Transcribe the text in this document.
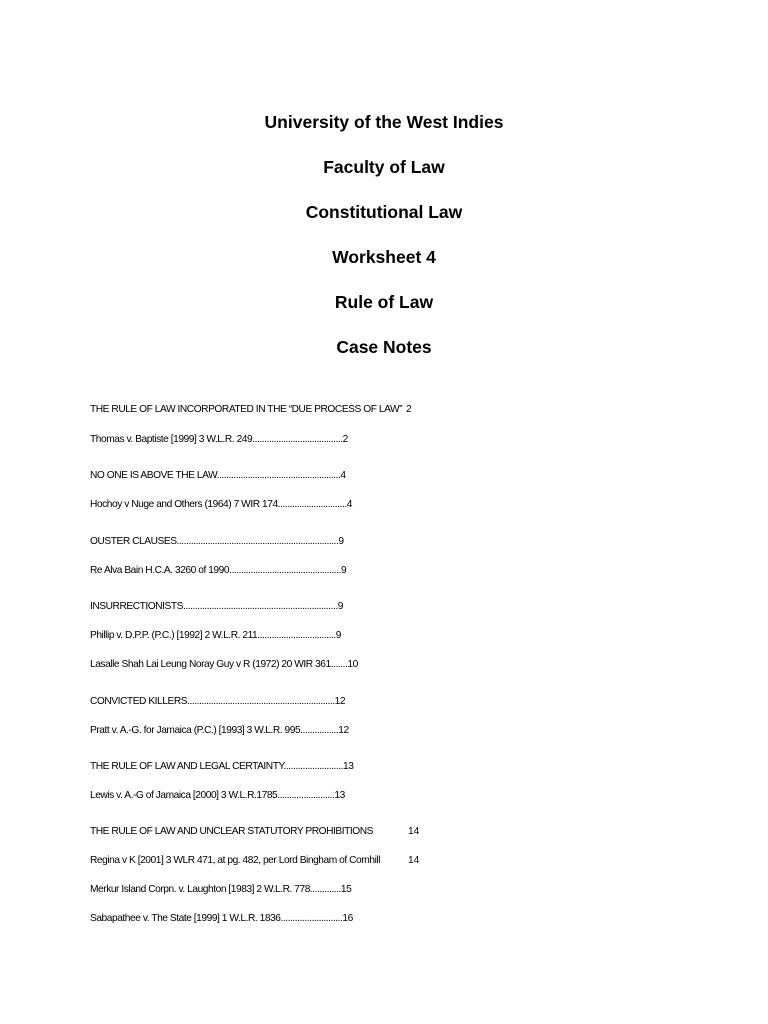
University of the West Indies
Faculty of Law
Constitutional Law
Worksheet 4
Rule of Law
Case Notes
THE RULE OF LAW INCORPORATED IN THE “DUE PROCESS OF LAW” 2
Thomas v. Baptiste [1999] 3 W.L.R. 249......................................2
NO ONE IS ABOVE THE LAW....................................................4
Hochoy v Nuge and Others (1964) 7 WIR 174.............................4
OUSTER CLAUSES....................................................................9
Re Alva Bain H.C.A. 3260 of 1990...............................................9
INSURRECTIONISTS.................................................................9
Phillip v. D.P.P. (P.C.) [1992] 2 W.L.R. 211.................................9
Lasalle Shah Lai Leung Noray Guy v R (1972) 20 WIR 361.......10
CONVICTED KILLERS..............................................................12
Pratt v. A.-G. for Jamaica (P.C.) [1993] 3 W.L.R. 995................12
THE RULE OF LAW AND LEGAL CERTAINTY.........................13
Lewis v. A.-G of Jamaica [2000] 3 W.L.R.1785........................13
THE RULE OF LAW AND UNCLEAR STATUTORY PROHIBITIONS	14
Regina v K [2001] 3 WLR 471, at pg. 482, per Lord Bingham of Cornhill	14
Merkur Island Corpn. v. Laughton [1983] 2 W.L.R. 778.............15
Sabapathee v. The State [1999] 1 W.L.R. 1836..........................16
